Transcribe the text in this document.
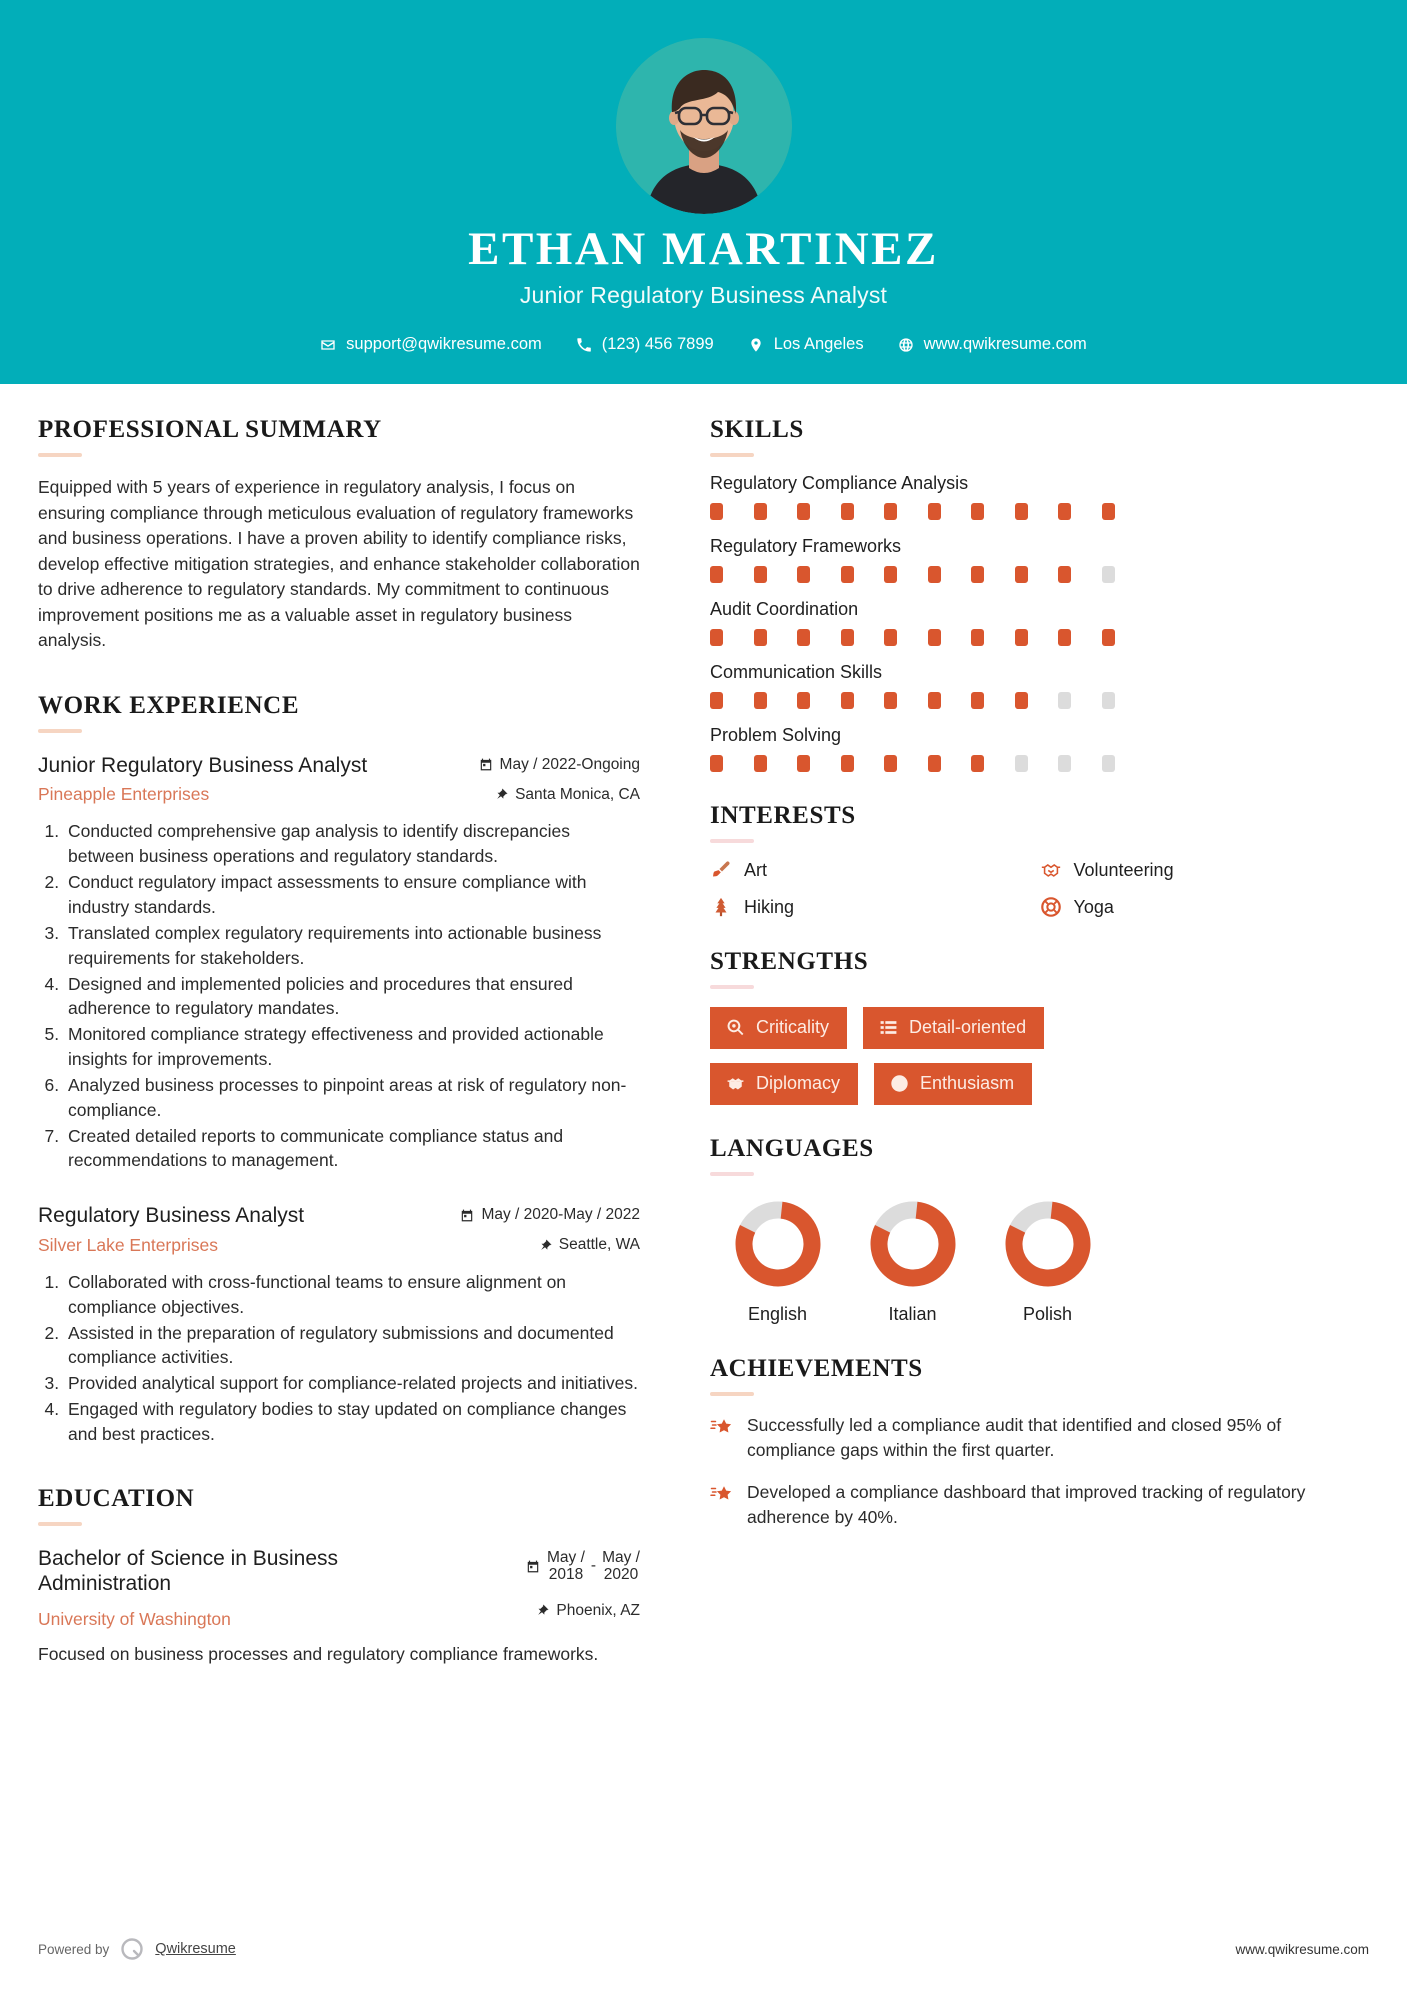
ETHAN MARTINEZ
Junior Regulatory Business Analyst
support@qwikresume.com	(123) 456 7899	Los Angeles	www.qwikresume.com
PROFESSIONAL SUMMARY
Equipped with 5 years of experience in regulatory analysis, I focus on ensuring compliance through meticulous evaluation of regulatory frameworks and business operations. I have a proven ability to identify compliance risks, develop effective mitigation strategies, and enhance stakeholder collaboration to drive adherence to regulatory standards. My commitment to continuous improvement positions me as a valuable asset in regulatory business analysis.
WORK EXPERIENCE
Junior Regulatory Business Analyst
Pineapple Enterprises
May / 2022-Ongoing
Santa Monica, CA
1. Conducted comprehensive gap analysis to identify discrepancies between business operations and regulatory standards.
2. Conduct regulatory impact assessments to ensure compliance with industry standards.
3. Translated complex regulatory requirements into actionable business requirements for stakeholders.
4. Designed and implemented policies and procedures that ensured adherence to regulatory mandates.
5. Monitored compliance strategy effectiveness and provided actionable insights for improvements.
6. Analyzed business processes to pinpoint areas at risk of regulatory non-compliance.
7. Created detailed reports to communicate compliance status and recommendations to management.
Regulatory Business Analyst
Silver Lake Enterprises
May / 2020-May / 2022
Seattle, WA
1. Collaborated with cross-functional teams to ensure alignment on compliance objectives.
2. Assisted in the preparation of regulatory submissions and documented compliance activities.
3. Provided analytical support for compliance-related projects and initiatives.
4. Engaged with regulatory bodies to stay updated on compliance changes and best practices.
EDUCATION
Bachelor of Science in Business Administration
University of Washington
May /
2018
-
May /
2020
Phoenix, AZ
Focused on business processes and regulatory compliance frameworks.
SKILLS
Regulatory Compliance Analysis
Regulatory Frameworks
Audit Coordination
Communication Skills
Problem Solving
INTERESTS
Art	Volunteering
Hiking	Yoga
STRENGTHS
Criticality	Detail-oriented
Diplomacy	Enthusiasm
LANGUAGES
English	Italian	Polish
ACHIEVEMENTS
Successfully led a compliance audit that identified and closed 95% of compliance gaps within the first quarter.
Developed a compliance dashboard that improved tracking of regulatory adherence by 40%.
Powered by	Qwikresume	www.qwikresume.com
